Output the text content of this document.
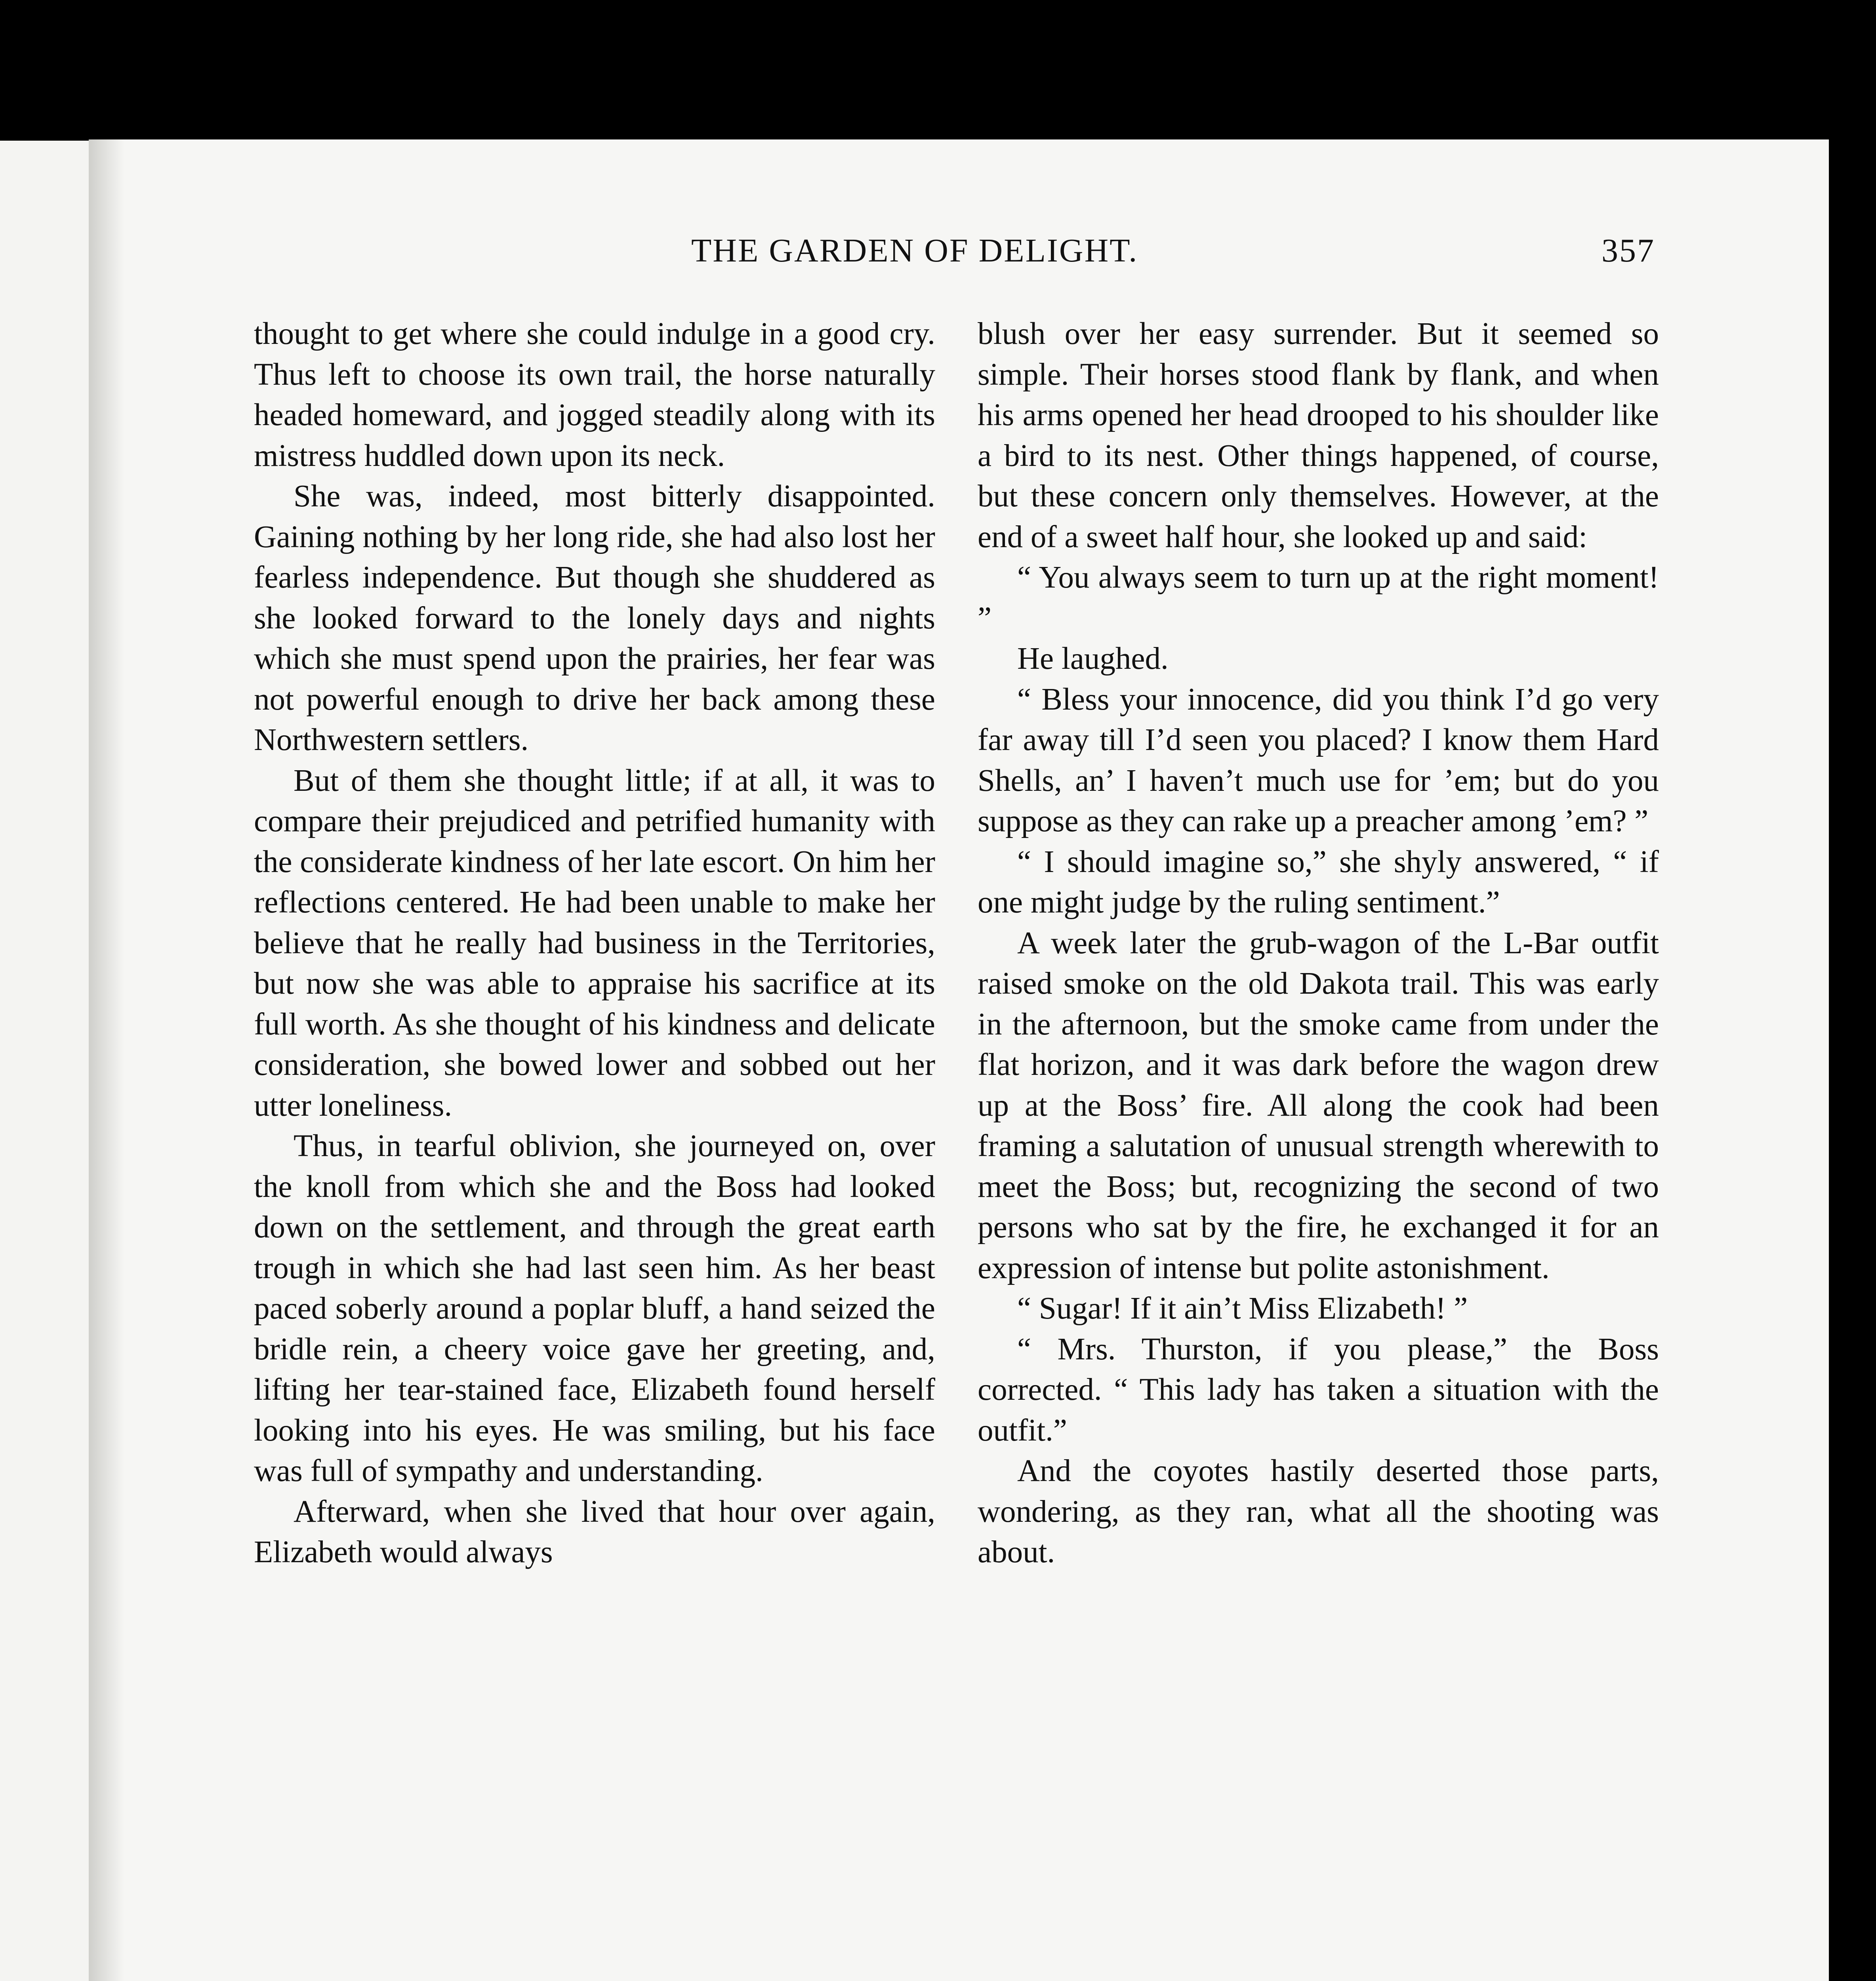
THE GARDEN OF DELIGHT.	357

thought to get where she could indulge in a good cry. Thus left to choose its own trail, the horse naturally headed homeward, and jogged steadily along with its mistress huddled down upon its neck.

She was, indeed, most bitterly disappointed. Gaining nothing by her long ride, she had also lost her fearless independence. But though she shuddered as she looked forward to the lonely days and nights which she must spend upon the prairies, her fear was not powerful enough to drive her back among these Northwestern settlers.

But of them she thought little; if at all, it was to compare their prejudiced and petrified humanity with the considerate kindness of her late escort. On him her reflections centered. He had been unable to make her believe that he really had business in the Territories, but now she was able to appraise his sacrifice at its full worth. As she thought of his kindness and delicate consideration, she bowed lower and sobbed out her utter loneliness.

Thus, in tearful oblivion, she journeyed on, over the knoll from which she and the Boss had looked down on the settlement, and through the great earth trough in which she had last seen him. As her beast paced soberly around a poplar bluff, a hand seized the bridle rein, a cheery voice gave her greeting, and, lifting her tear-stained face, Elizabeth found herself looking into his eyes. He was smiling, but his face was full of sympathy and understanding.

Afterward, when she lived that hour over again, Elizabeth would always

blush over her easy surrender. But it seemed so simple. Their horses stood flank by flank, and when his arms opened her head drooped to his shoulder like a bird to its nest. Other things happened, of course, but these concern only themselves. However, at the end of a sweet half hour, she looked up and said:

“ You always seem to turn up at the right moment! ”

He laughed.

“ Bless your innocence, did you think I’d go very far away till I’d seen you placed? I know them Hard Shells, an’ I haven’t much use for ’em; but do you suppose as they can rake up a preacher among ’em? ”

“ I should imagine so,” she shyly answered, “ if one might judge by the ruling sentiment.”

A week later the grub-wagon of the L-Bar outfit raised smoke on the old Dakota trail. This was early in the afternoon, but the smoke came from under the flat horizon, and it was dark before the wagon drew up at the Boss’ fire. All along the cook had been framing a salutation of unusual strength wherewith to meet the Boss; but, recognizing the second of two persons who sat by the fire, he exchanged it for an expression of intense but polite astonishment.

“ Sugar! If it ain’t Miss Elizabeth! ”

“ Mrs. Thurston, if you please,” the Boss corrected. “ This lady has taken a situation with the outfit.”

And the coyotes hastily deserted those parts, wondering, as they ran, what all the shooting was about.
